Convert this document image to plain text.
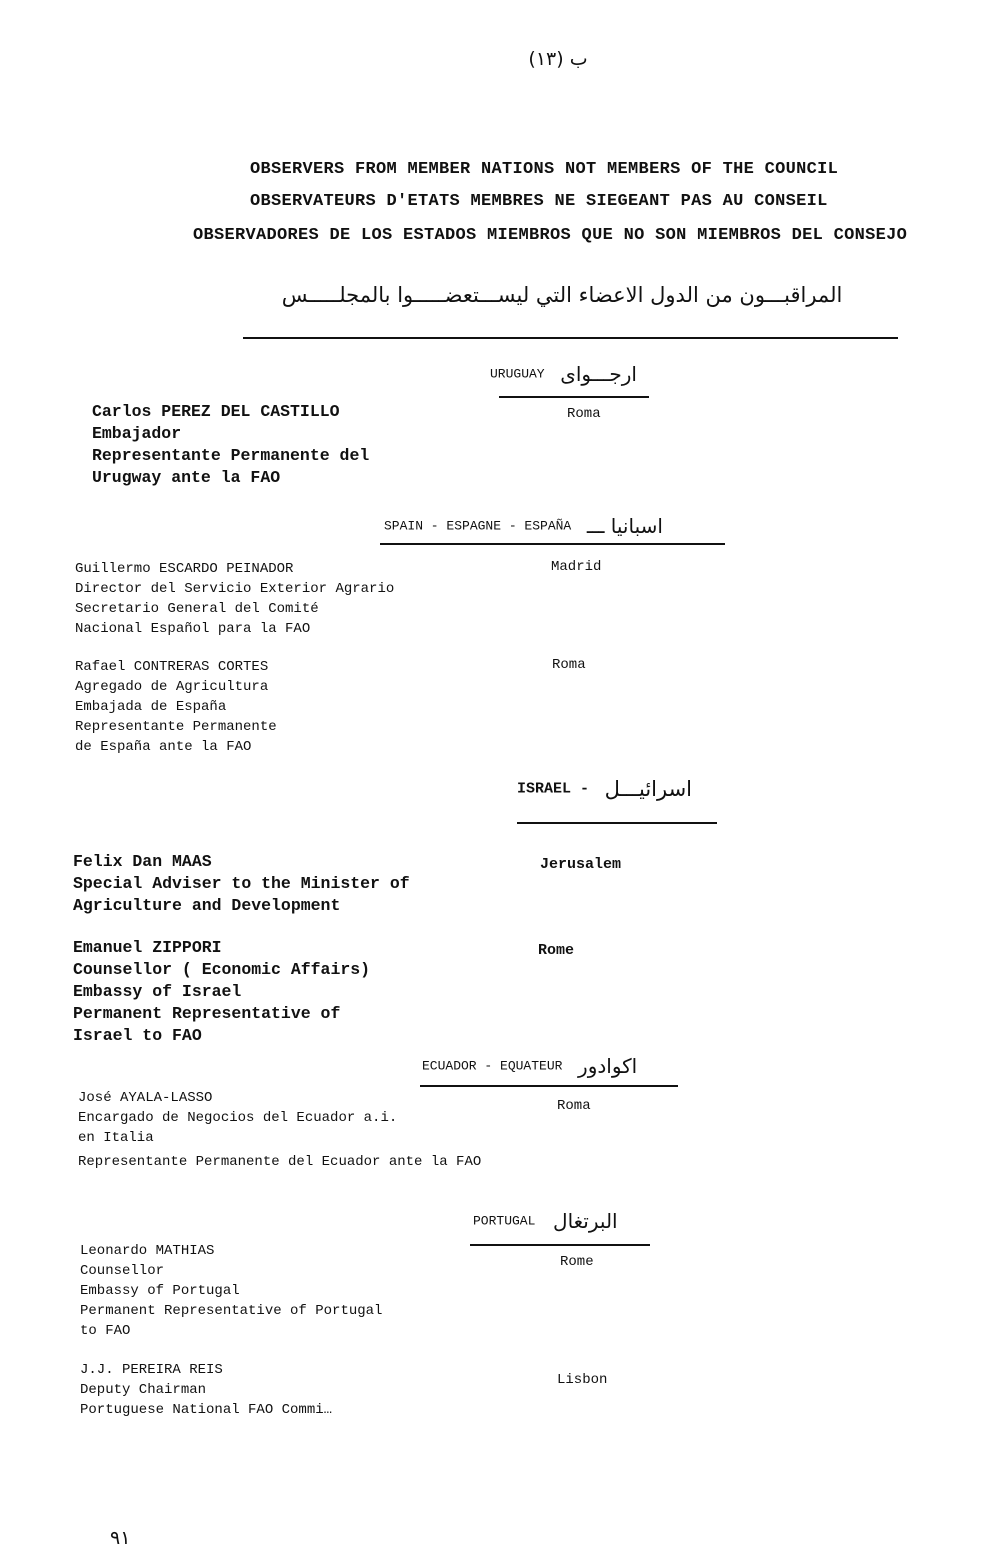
ب (١٣)
OBSERVERS FROM MEMBER NATIONS NOT MEMBERS OF THE COUNCIL
OBSERVATEURS D'ETATS MEMBRES NE SIEGEANT PAS AU CONSEIL
OBSERVADORES DE LOS ESTADOS MIEMBROS QUE NO SON MIEMBROS DEL CONSEJO
المراقبـــون من الدول الاعضاء التي ليســـتعضـــــوا بالمجلـــــس
URUGUAY ارجـــواى
Carlos PEREZ DEL CASTILLO
Embajador
Representante Permanente del
Urugway ante la FAO
Roma
SPAIN - ESPAGNE - ESPAÑA اسبانيا ـــ
Guillermo ESCARDO PEINADOR
Director del Servicio Exterior Agrario
Secretario General del Comité
Nacional Español para la FAO
Madrid
Rafael CONTRERAS CORTES
Agregado de Agricultura
Embajada de España
Representante Permanente
de España ante la FAO
Roma
ISRAEL - اسرائيـــل
Felix Dan MAAS
Special Adviser to the Minister of
Agriculture and Development
Jerusalem
Emanuel ZIPPORI
Counsellor ( Economic Affairs)
Embassy of Israel
Permanent Representative of
Israel to FAO
Rome
ECUADOR - EQUATEUR اكوادور
José AYALA-LASSO
Encargado de Negocios del Ecuador a.i.
en Italia
Representante Permanente del Ecuador ante la FAO
Roma
PORTUGAL البرتغال
Leonardo MATHIAS
Counsellor
Embassy of Portugal
Permanent Representative of Portugal
to FAO
Rome
J.J. PEREIRA REIS
Deputy Chairman
Portuguese National FAO Commi…
Lisbon
٩١
